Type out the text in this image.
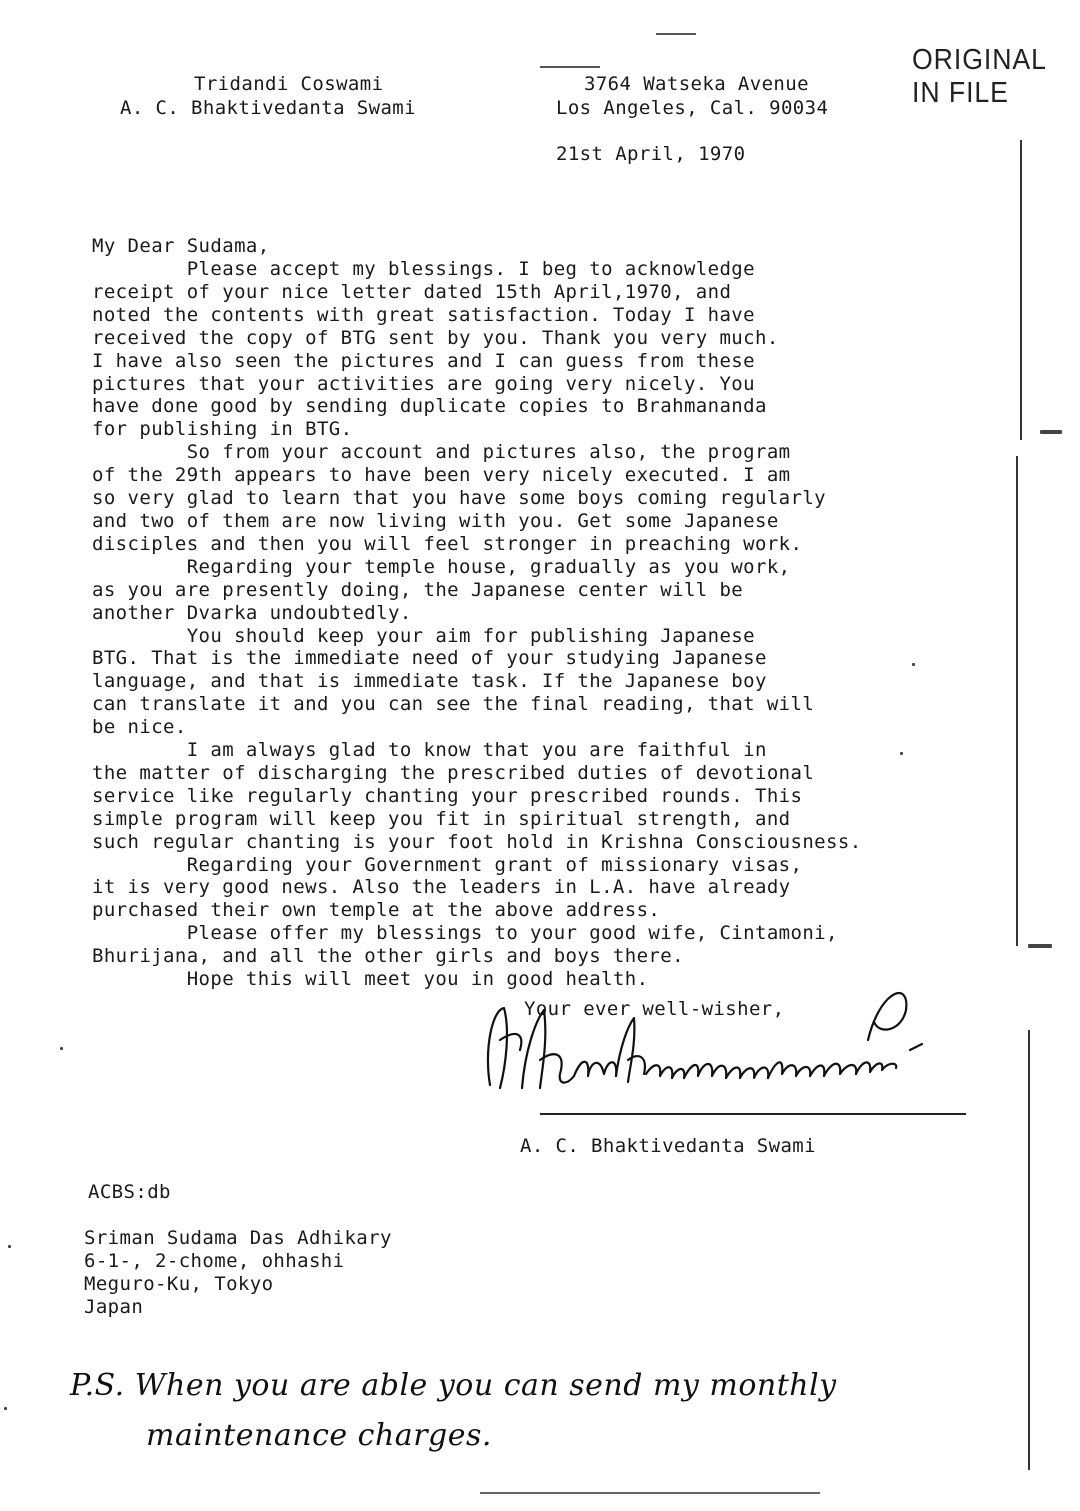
ORIGINAL
IN FILE
Tridandi Coswami
A. C. Bhaktivedanta Swami
3764 Watseka Avenue
Los Angeles, Cal. 90034
21st April, 1970
My Dear Sudama,
Please accept my blessings. I beg to acknowledge
receipt of your nice letter dated 15th April,1970, and
noted the contents with great satisfaction. Today I have
received the copy of BTG sent by you. Thank you very much.
I have also seen the pictures and I can guess from these
pictures that your activities are going very nicely. You
have done good by sending duplicate copies to Brahmananda
for publishing in BTG.
So from your account and pictures also, the program
of the 29th appears to have been very nicely executed. I am
so very glad to learn that you have some boys coming regularly
and two of them are now living with you. Get some Japanese
disciples and then you will feel stronger in preaching work.
Regarding your temple house, gradually as you work,
as you are presently doing, the Japanese center will be
another Dvarka undoubtedly.
You should keep your aim for publishing Japanese
BTG. That is the immediate need of your studying Japanese
language, and that is immediate task. If the Japanese boy
can translate it and you can see the final reading, that will
be nice.
I am always glad to know that you are faithful in
the matter of discharging the prescribed duties of devotional
service like regularly chanting your prescribed rounds. This
simple program will keep you fit in spiritual strength, and
such regular chanting is your foot hold in Krishna Consciousness.
Regarding your Government grant of missionary visas,
it is very good news. Also the leaders in L.A. have already
purchased their own temple at the above address.
Please offer my blessings to your good wife, Cintamoni,
Bhurijana, and all the other girls and boys there.
Hope this will meet you in good health.
Your ever well-wisher,
A. C. Bhaktivedanta Swami
ACBS:db
Sriman Sudama Das Adhikary
6-1-, 2-chome, ohhashi
Meguro-Ku, Tokyo
Japan
P.S. When you are able you can send my monthly
maintenance charges.
